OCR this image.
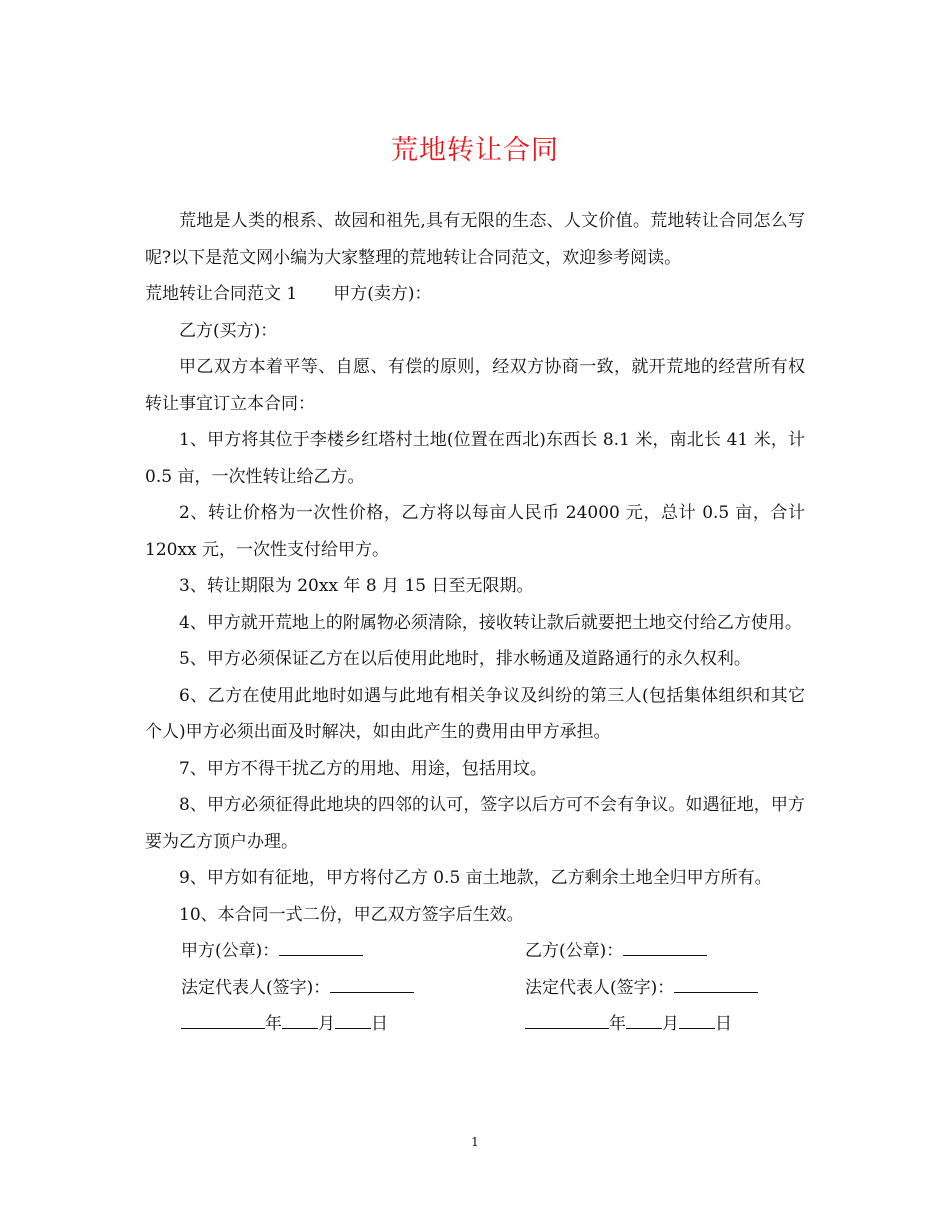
荒地转让合同

荒地是人类的根系、故园和祖先,具有无限的生态、人文价值。荒地转让合同怎么写呢?以下是范文网小编为大家整理的荒地转让合同范文，欢迎参考阅读。

荒地转让合同范文 1 甲方(卖方)：

乙方(买方)：

甲乙双方本着平等、自愿、有偿的原则，经双方协商一致，就开荒地的经营所有权转让事宜订立本合同：

1、甲方将其位于李楼乡红塔村土地(位置在西北)东西长 8.1 米，南北长 41 米，计 0.5 亩，一次性转让给乙方。

2、转让价格为一次性价格，乙方将以每亩人民币 24000 元，总计 0.5 亩，合计 120xx 元，一次性支付给甲方。

3、转让期限为 20xx 年 8 月 15 日至无限期。

4、甲方就开荒地上的附属物必须清除，接收转让款后就要把土地交付给乙方使用。

5、甲方必须保证乙方在以后使用此地时，排水畅通及道路通行的永久权利。

6、乙方在使用此地时如遇与此地有相关争议及纠纷的第三人(包括集体组织和其它个人)甲方必须出面及时解决，如由此产生的费用由甲方承担。

7、甲方不得干扰乙方的用地、用途，包括用坟。

8、甲方必须征得此地块的四邻的认可，签字以后方可不会有争议。如遇征地，甲方要为乙方顶户办理。

9、甲方如有征地，甲方将付乙方 0.5 亩土地款，乙方剩余土地全归甲方所有。

10、本合同一式二份，甲乙双方签字后生效。

甲方(公章)：	乙方(公章)：
法定代表人(签字)：	法定代表人(签字)：
年 月 日	年 月 日
1
